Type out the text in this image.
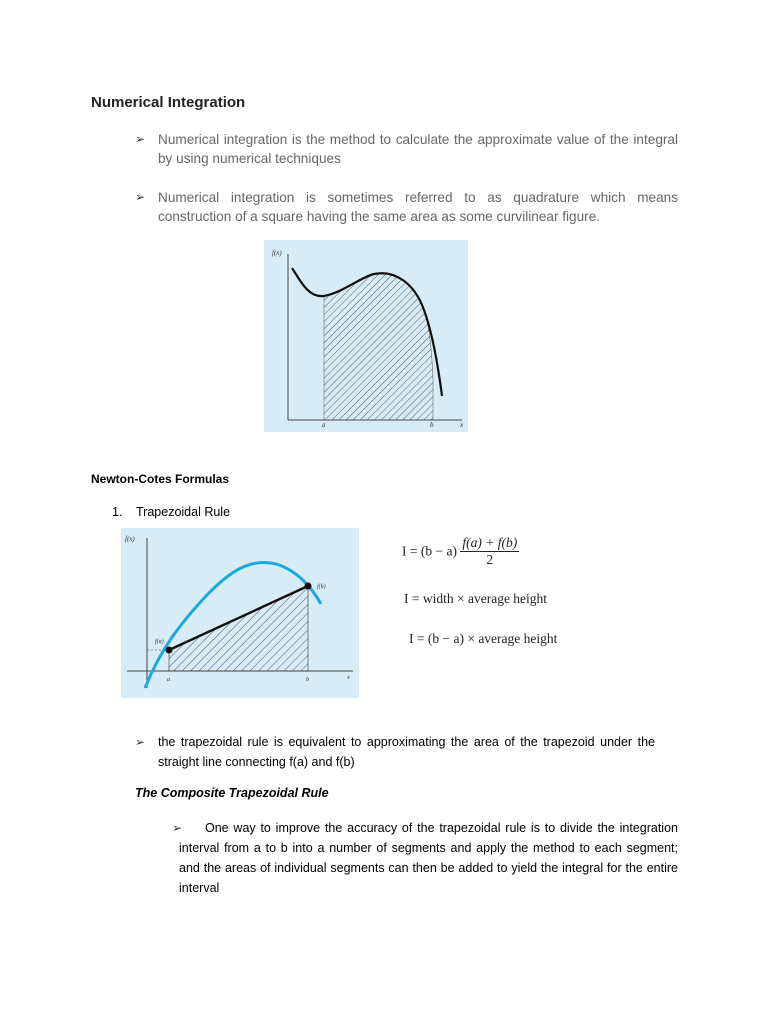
Numerical Integration
➢ Numerical integration is the method to calculate the approximate value of the integral by using numerical techniques
➢ Numerical integration is sometimes referred to as quadrature which means construction of a square having the same area as some curvilinear figure.
f(x)
x
a	b
Newton-Cotes Formulas
1. Trapezoidal Rule
f(x)
f(a)
f(b)
a	b	x
$I = (b - a) \frac{f(a) + f(b)}{2}$
I = width × average height
I = (b − a) × average height
➢ the trapezoidal rule is equivalent to approximating the area of the trapezoid under the straight line connecting f(a) and f(b)
The Composite Trapezoidal Rule
➢	One way to improve the accuracy of the trapezoidal rule is to divide the integration interval from a to b into a number of segments and apply the method to each segment; and the areas of individual segments can then be added to yield the integral for the entire interval
